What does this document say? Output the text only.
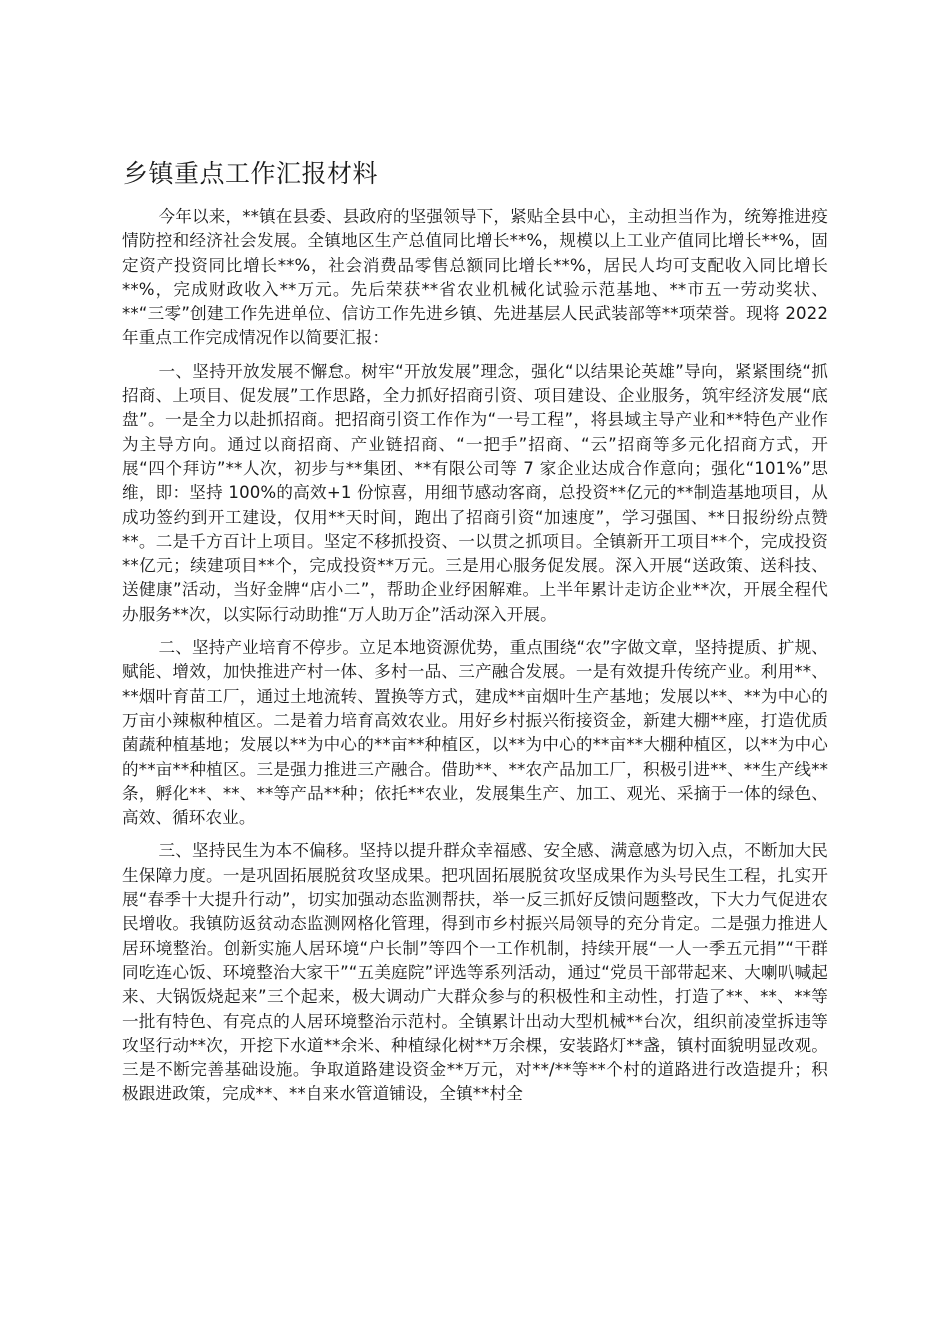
乡镇重点工作汇报材料

今年以来，**镇在县委、县政府的坚强领导下，紧贴全县中心，主动担当作为，统筹推进疫情防控和经济社会发展。全镇地区生产总值同比增长**%，规模以上工业产值同比增长**%，固定资产投资同比增长**%，社会消费品零售总额同比增长**%，居民人均可支配收入同比增长**%，完成财政收入**万元。先后荣获**省农业机械化试验示范基地、**市五一劳动奖状、**“三零”创建工作先进单位、信访工作先进乡镇、先进基层人民武装部等**项荣誉。现将 2022 年重点工作完成情况作以简要汇报：

一、坚持开放发展不懈怠。树牢“开放发展”理念，强化“以结果论英雄”导向，紧紧围绕“抓招商、上项目、促发展”工作思路，全力抓好招商引资、项目建设、企业服务，筑牢经济发展“底盘”。一是全力以赴抓招商。把招商引资工作作为“一号工程”，将县域主导产业和**特色产业作为主导方向。通过以商招商、产业链招商、“一把手”招商、“云”招商等多元化招商方式，开展“四个拜访”**人次，初步与**集团、**有限公司等 7 家企业达成合作意向；强化“101%”思维，即：坚持 100%的高效+1 份惊喜，用细节感动客商，总投资**亿元的**制造基地项目，从成功签约到开工建设，仅用**天时间，跑出了招商引资“加速度”，学习强国、**日报纷纷点赞**。二是千方百计上项目。坚定不移抓投资、一以贯之抓项目。全镇新开工项目**个，完成投资**亿元；续建项目**个，完成投资**万元。三是用心服务促发展。深入开展“送政策、送科技、送健康”活动，当好金牌“店小二”，帮助企业纾困解难。上半年累计走访企业**次，开展全程代办服务**次，以实际行动助推“万人助万企”活动深入开展。

二、坚持产业培育不停步。立足本地资源优势，重点围绕“农”字做文章，坚持提质、扩规、赋能、增效，加快推进产村一体、多村一品、三产融合发展。一是有效提升传统产业。利用**、**烟叶育苗工厂，通过土地流转、置换等方式，建成**亩烟叶生产基地；发展以**、**为中心的万亩小辣椒种植区。二是着力培育高效农业。用好乡村振兴衔接资金，新建大棚**座，打造优质菌蔬种植基地；发展以**为中心的**亩**种植区，以**为中心的**亩**大棚种植区，以**为中心的**亩**种植区。三是强力推进三产融合。借助**、**农产品加工厂，积极引进**、**生产线**条，孵化**、**、**等产品**种；依托**农业，发展集生产、加工、观光、采摘于一体的绿色、高效、循环农业。

三、坚持民生为本不偏移。坚持以提升群众幸福感、安全感、满意感为切入点，不断加大民生保障力度。一是巩固拓展脱贫攻坚成果。把巩固拓展脱贫攻坚成果作为头号民生工程，扎实开展“春季十大提升行动”，切实加强动态监测帮扶，举一反三抓好反馈问题整改，下大力气促进农民增收。我镇防返贫动态监测网格化管理，得到市乡村振兴局领导的充分肯定。二是强力推进人居环境整治。创新实施人居环境“户长制”等四个一工作机制，持续开展“一人一季五元捐”“干群同吃连心饭、环境整治大家干”“五美庭院”评选等系列活动，通过“党员干部带起来、大喇叭喊起来、大锅饭烧起来”三个起来，极大调动广大群众参与的积极性和主动性，打造了**、**、**等一批有特色、有亮点的人居环境整治示范村。全镇累计出动大型机械**台次，组织前凌堂拆违等攻坚行动**次，开挖下水道**余米、种植绿化树**万余棵，安装路灯**盏，镇村面貌明显改观。三是不断完善基础设施。争取道路建设资金**万元，对**/**等**个村的道路进行改造提升；积极跟进政策，完成**、**自来水管道铺设，全镇**村全
